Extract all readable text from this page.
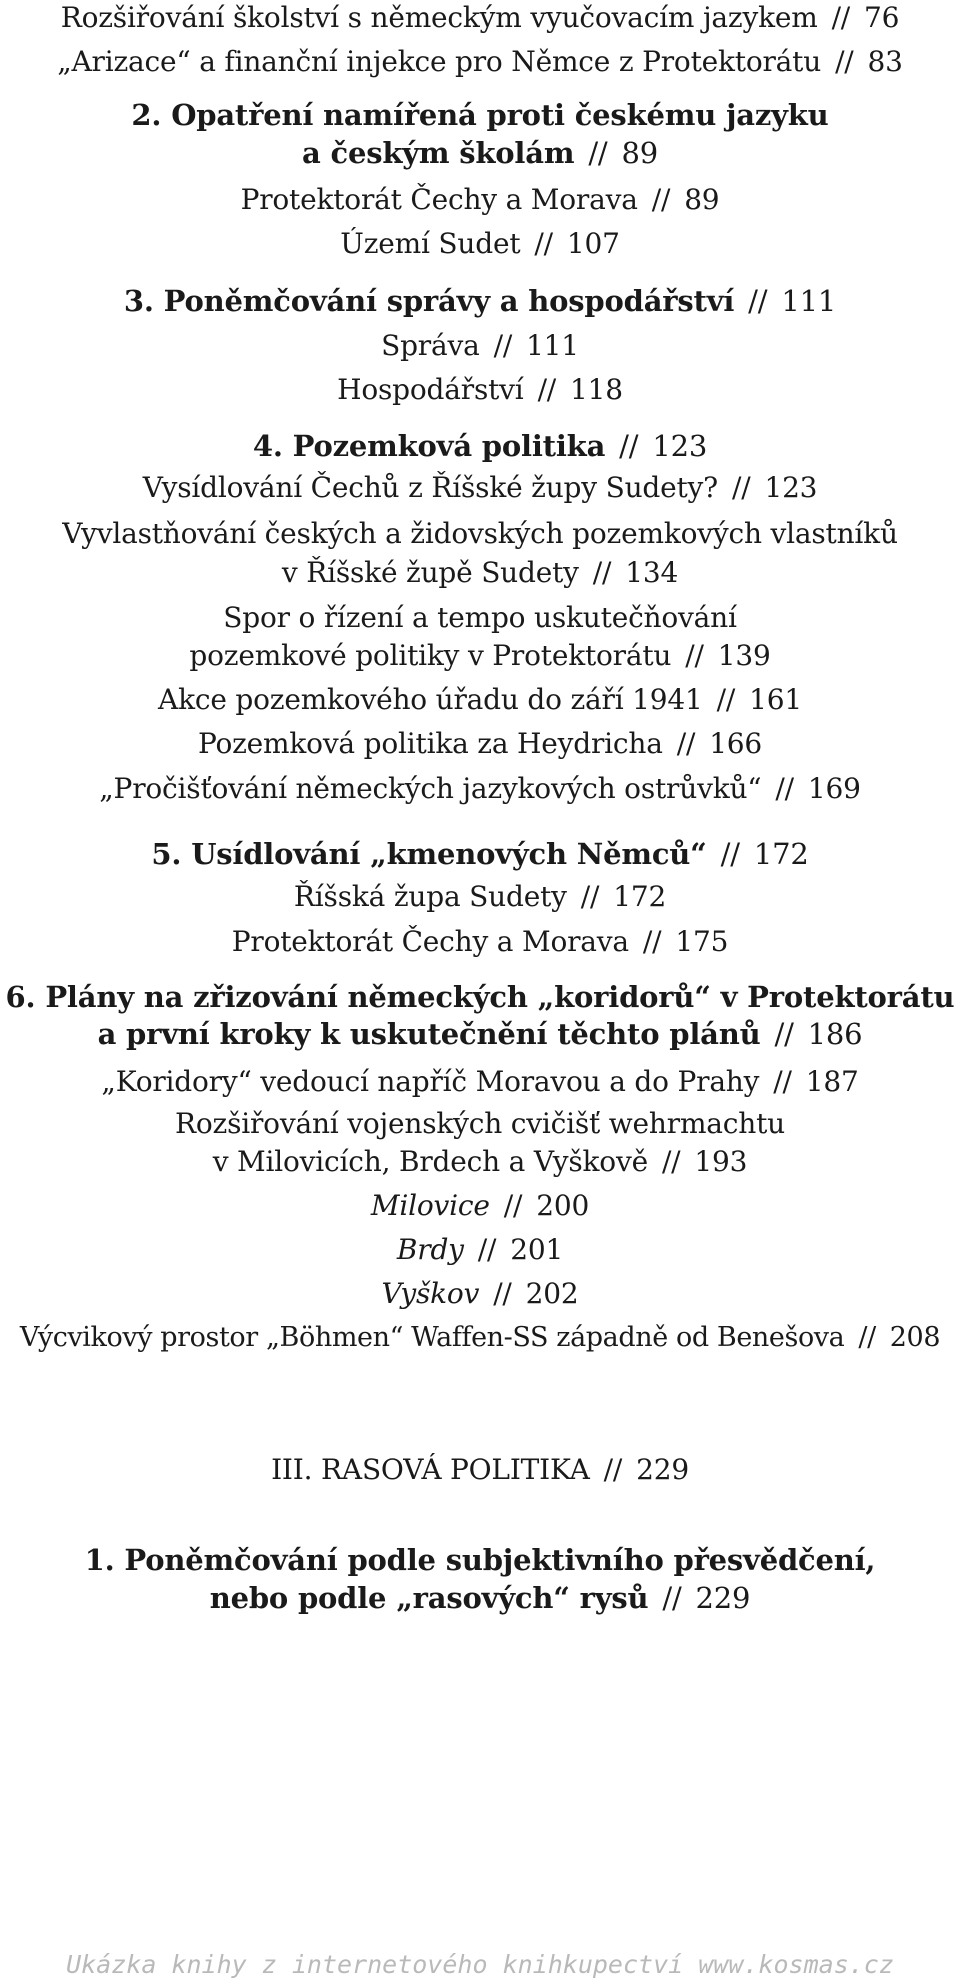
Rozšiřování školství s německým vyučovacím jazykem // 76
„Arizace“ a finanční injekce pro Němce z Protektorátu // 83
2. Opatření namířená proti českému jazyku
a českým školám // 89
Protektorát Čechy a Morava // 89
Území Sudet // 107
3. Poněmčování správy a hospodářství // 111
Správa // 111
Hospodářství // 118
4. Pozemková politika // 123
Vysídlování Čechů z Říšské župy Sudety? // 123
Vyvlastňování českých a židovských pozemkových vlastníků
v Říšské župě Sudety // 134
Spor o řízení a tempo uskutečňování
pozemkové politiky v Protektorátu // 139
Akce pozemkového úřadu do září 1941 // 161
Pozemková politika za Heydricha // 166
„Pročišťování německých jazykových ostrůvků“ // 169
5. Usídlování „kmenových Němců“ // 172
Říšská župa Sudety // 172
Protektorát Čechy a Morava // 175
6. Plány na zřizování německých „koridorů“ v Protektorátu
a první kroky k uskutečnění těchto plánů // 186
„Koridory“ vedoucí napříč Moravou a do Prahy // 187
Rozšiřování vojenských cvičišť wehrmachtu
v Milovicích, Brdech a Vyškově // 193
Milovice // 200
Brdy // 201
Vyškov // 202
Výcvikový prostor „Böhmen“ Waffen-SS západně od Benešova // 208
III. RASOVÁ POLITIKA // 229
1. Poněmčování podle subjektivního přesvědčení,
nebo podle „rasových“ rysů // 229
Ukázka knihy z internetového knihkupectví www.kosmas.cz
